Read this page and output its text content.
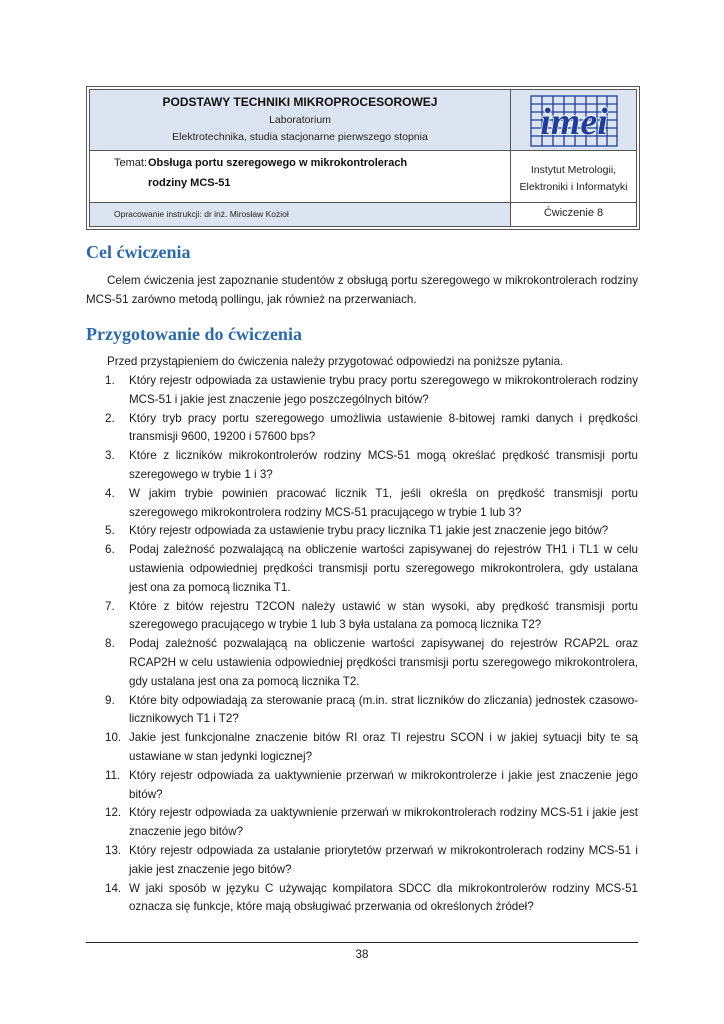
PODSTAWY TECHNIKI MIKROPROCESOROWEJ
Laboratorium
Elektrotechnika, studia stacjonarne pierwszego stopnia	imei
Temat: Obsługa portu szeregowego w mikrokontrolerach
rodziny MCS-51
Instytut Metrologii,
Elektroniki i Informatyki
Opracowanie instrukcji: dr inż. Mirosław Kozioł	Ćwiczenie 8
Cel ćwiczenia
Celem ćwiczenia jest zapoznanie studentów z obsługą portu szeregowego w mikrokontrolerach rodziny MCS-51 zarówno metodą pollingu, jak również na przerwaniach.
Przygotowanie do ćwiczenia
Przed przystąpieniem do ćwiczenia należy przygotować odpowiedzi na poniższe pytania.
1.	Który rejestr odpowiada za ustawienie trybu pracy portu szeregowego w mikrokontrolerach rodziny MCS-51 i jakie jest znaczenie jego poszczególnych bitów?
2.	Który tryb pracy portu szeregowego umożliwia ustawienie 8-bitowej ramki danych i prędkości transmisji 9600, 19200 i 57600 bps?
3.	Które z liczników mikrokontrolerów rodziny MCS-51 mogą określać prędkość transmisji portu szeregowego w trybie 1 i 3?
4.	W jakim trybie powinien pracować licznik T1, jeśli określa on prędkość transmisji portu szeregowego mikrokontrolera rodziny MCS-51 pracującego w trybie 1 lub 3?
5.	Który rejestr odpowiada za ustawienie trybu pracy licznika T1 jakie jest znaczenie jego bitów?
6.	Podaj zależność pozwalającą na obliczenie wartości zapisywanej do rejestrów TH1 i TL1 w celu ustawienia odpowiedniej prędkości transmisji portu szeregowego mikrokontrolera, gdy ustalana jest ona za pomocą licznika T1.
7.	Które z bitów rejestru T2CON należy ustawić w stan wysoki, aby prędkość transmisji portu szeregowego pracującego w trybie 1 lub 3 była ustalana za pomocą licznika T2?
8.	Podaj zależność pozwalającą na obliczenie wartości zapisywanej do rejestrów RCAP2L oraz RCAP2H w celu ustawienia odpowiedniej prędkości transmisji portu szeregowego mikrokontrolera, gdy ustalana jest ona za pomocą licznika T2.
9.	Które bity odpowiadają za sterowanie pracą (m.in. strat liczników do zliczania) jednostek czasowo-licznikowych T1 i T2?
10. Jakie jest funkcjonalne znaczenie bitów RI oraz TI rejestru SCON i w jakiej sytuacji bity te są ustawiane w stan jedynki logicznej?
11. Który rejestr odpowiada za uaktywnienie przerwań w mikrokontrolerze i jakie jest znaczenie jego bitów?
12. Który rejestr odpowiada za uaktywnienie przerwań w mikrokontrolerach rodziny MCS-51 i jakie jest znaczenie jego bitów?
13. Który rejestr odpowiada za ustalanie priorytetów przerwań w mikrokontrolerach rodziny MCS-51 i jakie jest znaczenie jego bitów?
14. W jaki sposób w języku C używając kompilatora SDCC dla mikrokontrolerów rodziny MCS-51 oznacza się funkcje, które mają obsługiwać przerwania od określonych źródeł?
38
